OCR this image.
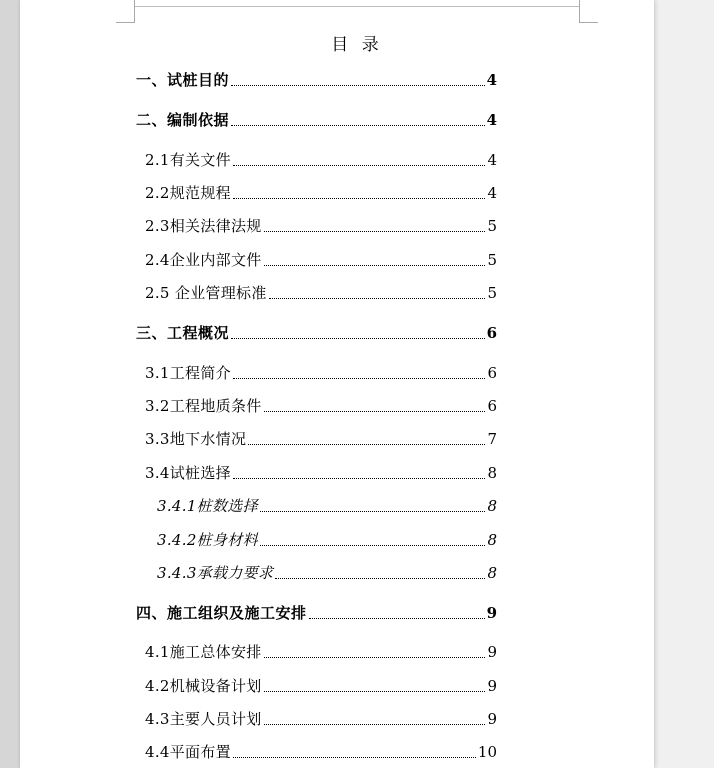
目 录
一、试桩目的	4
二、编制依据	4
2.1有关文件	4
2.2规范规程	4
2.3相关法律法规	5
2.4企业内部文件	5
2.5 企业管理标准	5
三、工程概况	6
3.1工程简介	6
3.2工程地质条件	6
3.3地下水情况	7
3.4试桩选择	8
3.4.1桩数选择	8
3.4.2桩身材料	8
3.4.3承载力要求	8
四、施工组织及施工安排	9
4.1施工总体安排	9
4.2机械设备计划	9
4.3主要人员计划	9
4.4平面布置	10
